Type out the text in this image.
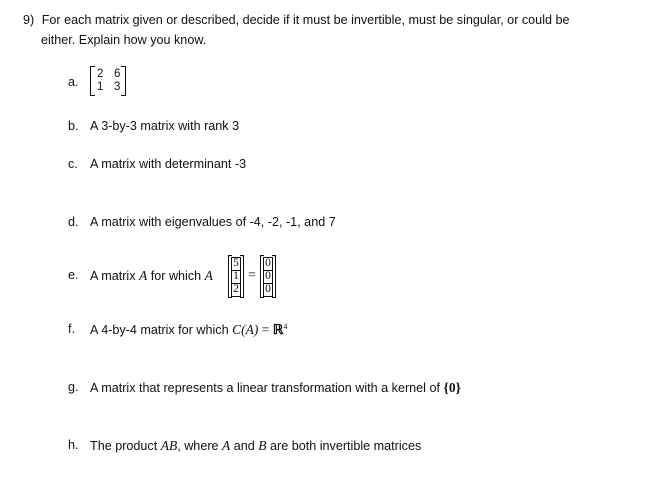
9) For each matrix given or described, decide if it must be invertible, must be singular, or could be
either. Explain how you know.
a.
2 6
1 3
b. A 3-by-3 matrix with rank 3
c. A matrix with determinant -3
d. A matrix with eigenvalues of -4, -2, -1, and 7
e. A matrix A for which A
5
1
2
=
0
0
0
f. A 4-by-4 matrix for which C(A) = ℝ$^4$
g. A matrix that represents a linear transformation with a kernel of {0}
h. The product AB, where A and B are both invertible matrices
